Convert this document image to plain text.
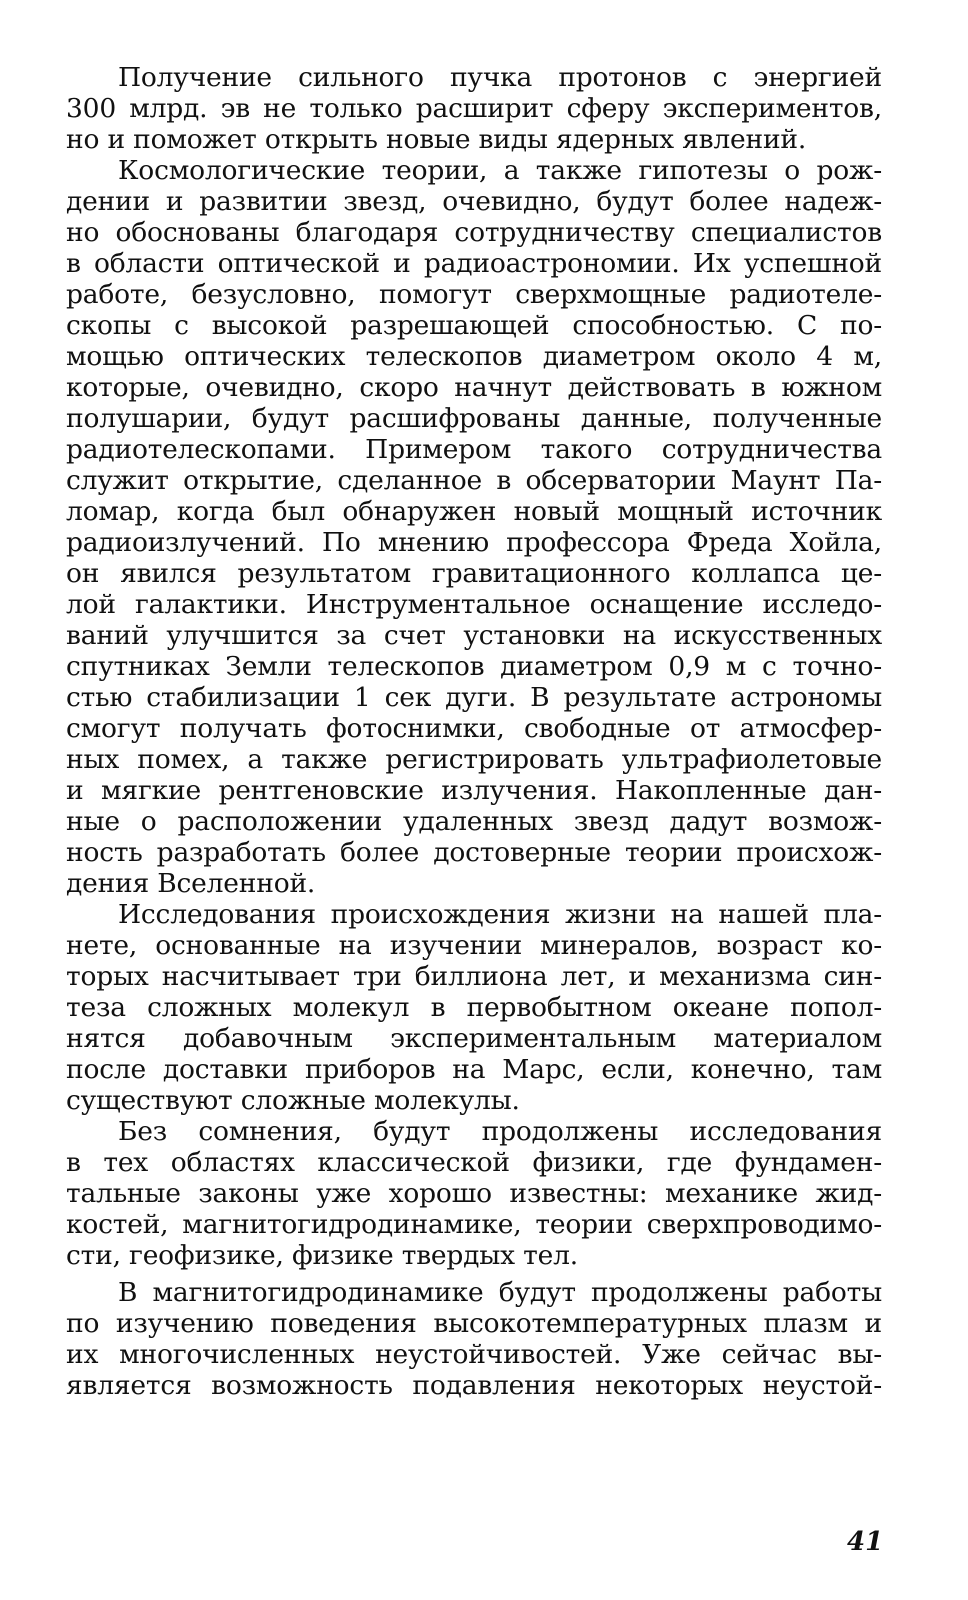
Получение сильного пучка протонов с энергией
300 млрд. эв не только расширит сферу экспериментов,
но и поможет открыть новые виды ядерных явлений.
Космологические теории, а также гипотезы о рож-
дении и развитии звезд, очевидно, будут более надеж-
но обоснованы благодаря сотрудничеству специалистов
в области оптической и радиоастрономии. Их успешной
работе, безусловно, помогут сверхмощные радиотеле-
скопы с высокой разрешающей способностью. С по-
мощью оптических телескопов диаметром около 4 м,
которые, очевидно, скоро начнут действовать в южном
полушарии, будут расшифрованы данные, полученные
радиотелескопами. Примером такого сотрудничества
служит открытие, сделанное в обсерватории Маунт Па-
ломар, когда был обнаружен новый мощный источник
радиоизлучений. По мнению профессора Фреда Хойла,
он явился результатом гравитационного коллапса це-
лой галактики. Инструментальное оснащение исследо-
ваний улучшится за счет установки на искусственных
спутниках Земли телескопов диаметром 0,9 м с точно-
стью стабилизации 1 сек дуги. В результате астрономы
смогут получать фотоснимки, свободные от атмосфер-
ных помех, а также регистрировать ультрафиолетовые
и мягкие рентгеновские излучения. Накопленные дан-
ные о расположении удаленных звезд дадут возмож-
ность разработать более достоверные теории происхож-
дения Вселенной.
Исследования происхождения жизни на нашей пла-
нете, основанные на изучении минералов, возраст ко-
торых насчитывает три биллиона лет, и механизма син-
теза сложных молекул в первобытном океане попол-
нятся добавочным экспериментальным материалом
после доставки приборов на Марс, если, конечно, там
существуют сложные молекулы.
Без сомнения, будут продолжены исследования
в тех областях классической физики, где фундамен-
тальные законы уже хорошо известны: механике жид-
костей, магнитогидродинамике, теории сверхпроводимо-
сти, геофизике, физике твердых тел.
В магнитогидродинамике будут продолжены работы
по изучению поведения высокотемпературных плазм и
их многочисленных неустойчивостей. Уже сейчас вы-
является возможность подавления некоторых неустой-
41
